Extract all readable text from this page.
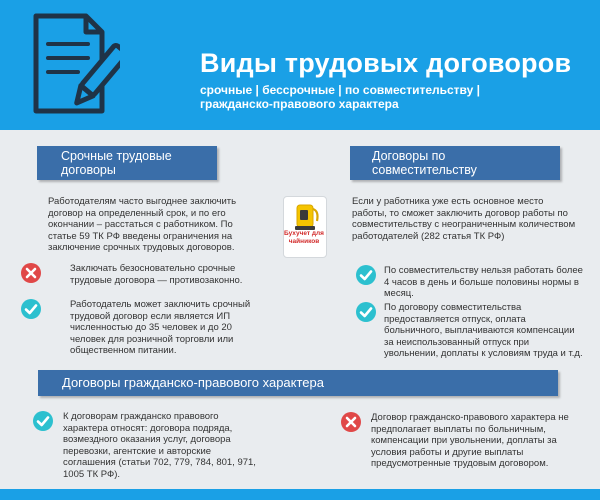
Виды трудовых договоров
срочные | бессрочные | по совместительству | гражданско-правового характера
Срочные трудовые договоры
Работодателям часто выгоднее заключить договор на определенный срок, и по его окончании – расстаться с работником. По статье 59 ТК РФ введены ограничения на заключение срочных трудовых договоров.
Заключать безосновательно срочные трудовые договора — противозаконно.
Работодатель может заключить срочный трудовой договор если является ИП численностью до 35 человек и до 20 человек для розничной торговли или общественном питании.
Бухучет для чайников
Договоры по совместительству
Если у работника уже есть основное место работы, то сможет заключить договор работы по совместительству с неограниченным количеством работодателей (282 статья ТК РФ)
По совместительству нельзя работать более 4 часов в день и больше половины нормы в месяц.
По договору совместительства предоставляется отпуск, оплата больничного, выплачиваются компенсации за неиспользованный отпуск при увольнении, доплаты к условиям труда и т.д.
Договоры гражданско-правового характера
К договорам гражданско правового характера относят: договора подряда, возмездного оказания услуг, договора перевозки, агентские и авторские соглашения (статьи 702, 779, 784, 801, 971, 1005 ТК РФ).
Договор гражданско-правового характера не предполагает выплаты по больничным, компенсации при увольнении, доплаты за условия работы и другие выплаты предусмотренные трудовым договором.
